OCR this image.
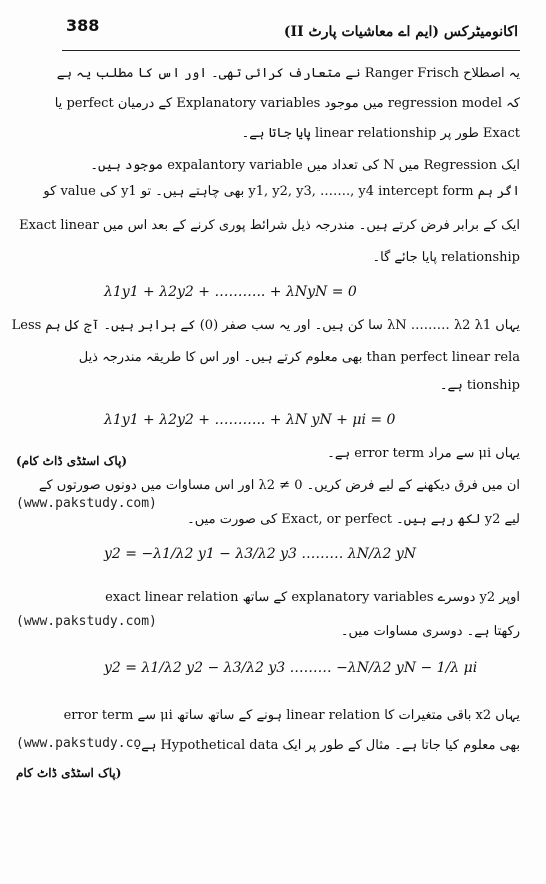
388	اکانومیٹرکس (ایم اے معاشیات پارٹ II)
یہ اصطلاح Ranger Frisch نے متعارف کرائی تھی۔ اور اس کا مطلب یہ ہے
کہ regression model میں موجود Explanatory variables کے درمیان perfect یا
Exact طور پر linear relationship پایا جاتا ہے۔
ایک Regression میں N کی تعداد میں expalantory variable موجود ہیں۔
اگر ہم y1, y2, y3, ……., y4 intercept form بھی چاہتے ہیں۔ تو y1 کی value کو
ایک کے برابر فرض کرتے ہیں۔ مندرجہ ذیل شرائط پوری کرنے کے بعد اس میں Exact linear
relationship پایا جائے گا۔
λ1y1 + λ2y2 + ……….. + λNyN = 0
یہاں λN ……… λ2 λ1 سا کن ہیں۔ اور یہ سب صفر (0) کے برابر ہیں۔ آج کل ہم Less
than perfect linear rela بھی معلوم کرتے ہیں۔ اور اس کا طریقہ مندرجہ ذیل
tionship ہے۔
λ1y1 + λ2y2 + ……….. + λN yN + μi = 0
یہاں μi سے مراد error term ہے۔
(پاک اسٹڈی ڈاٹ کام)
ان میں فرق دیکھنے کے لیے فرض کریں۔ 0 ≠ λ2 اور اس مساوات میں دونوں صورتوں کے
(www.pakstudy.com)
لیے y2 لکھ رہے ہیں۔ Exact, or perfect کی صورت میں۔
y2 = −λ1/λ2 y1 − λ3/λ2 y3 ……… λN/λ2 yN
اوپر y2 دوسرے explanatory variables کے ساتھ exact linear relation
(www.pakstudy.com)
رکھتا ہے۔ دوسری مساوات میں۔
y2 = λ1/λ2 y2 − λ3/λ2 y3 ……… −λN/λ2 yN − 1/λ μi
یہاں x2 باقی متغیرات کا linear relation ہونے کے ساتھ ساتھ μi سے error term
(www.pakstudy.co
بھی معلوم کیا جاتا ہے۔ مثال کے طور پر ایک Hypothetical data ہے۔
(پاک اسٹڈی ڈاٹ کام
